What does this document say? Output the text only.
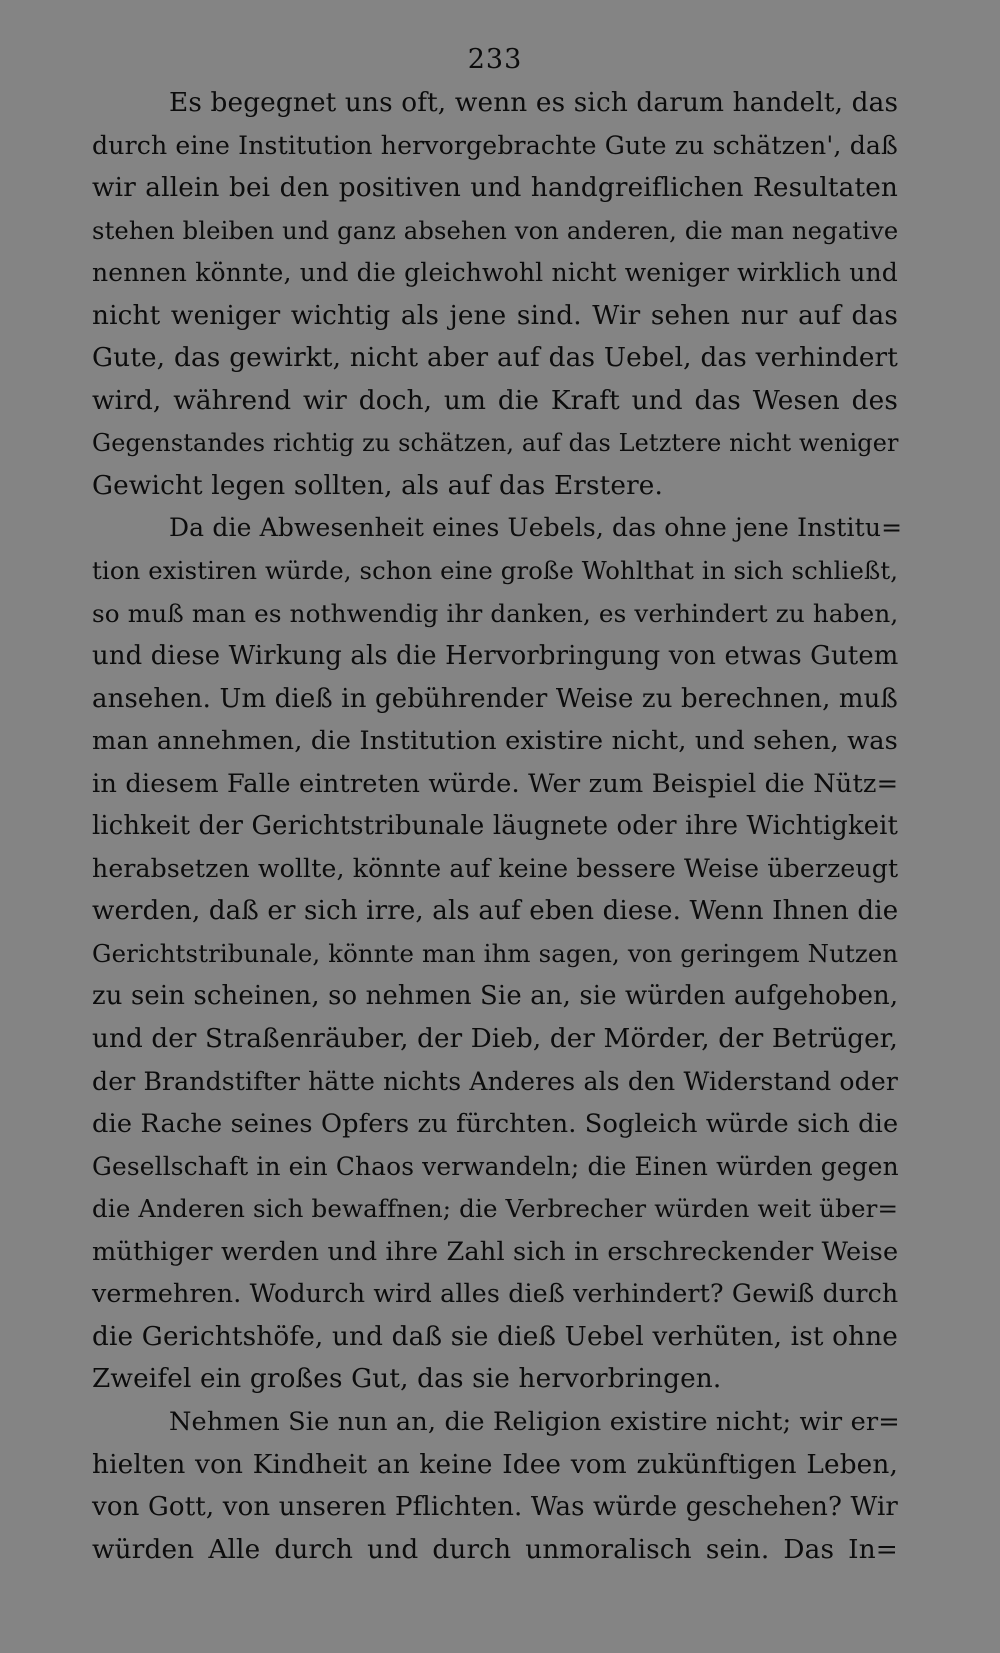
233
Es begegnet uns oft, wenn es sich darum handelt, das
durch eine Institution hervorgebrachte Gute zu schätzen', daß
wir allein bei den positiven und handgreiflichen Resultaten
stehen bleiben und ganz absehen von anderen, die man negative
nennen könnte, und die gleichwohl nicht weniger wirklich und
nicht weniger wichtig als jene sind. Wir sehen nur auf das
Gute, das gewirkt, nicht aber auf das Uebel, das verhindert
wird, während wir doch, um die Kraft und das Wesen des
Gegenstandes richtig zu schätzen, auf das Letztere nicht weniger
Gewicht legen sollten, als auf das Erstere.
Da die Abwesenheit eines Uebels, das ohne jene Institu=
tion existiren würde, schon eine große Wohlthat in sich schließt,
so muß man es nothwendig ihr danken, es verhindert zu haben,
und diese Wirkung als die Hervorbringung von etwas Gutem
ansehen. Um dieß in gebührender Weise zu berechnen, muß
man annehmen, die Institution existire nicht, und sehen, was
in diesem Falle eintreten würde. Wer zum Beispiel die Nütz=
lichkeit der Gerichtstribunale läugnete oder ihre Wichtigkeit
herabsetzen wollte, könnte auf keine bessere Weise überzeugt
werden, daß er sich irre, als auf eben diese. Wenn Ihnen die
Gerichtstribunale, könnte man ihm sagen, von geringem Nutzen
zu sein scheinen, so nehmen Sie an, sie würden aufgehoben,
und der Straßenräuber, der Dieb, der Mörder, der Betrüger,
der Brandstifter hätte nichts Anderes als den Widerstand oder
die Rache seines Opfers zu fürchten. Sogleich würde sich die
Gesellschaft in ein Chaos verwandeln; die Einen würden gegen
die Anderen sich bewaffnen; die Verbrecher würden weit über=
müthiger werden und ihre Zahl sich in erschreckender Weise
vermehren. Wodurch wird alles dieß verhindert? Gewiß durch
die Gerichtshöfe, und daß sie dieß Uebel verhüten, ist ohne
Zweifel ein großes Gut, das sie hervorbringen.
Nehmen Sie nun an, die Religion existire nicht; wir er=
hielten von Kindheit an keine Idee vom zukünftigen Leben,
von Gott, von unseren Pflichten. Was würde geschehen? Wir
würden Alle durch und durch unmoralisch sein. Das In=
